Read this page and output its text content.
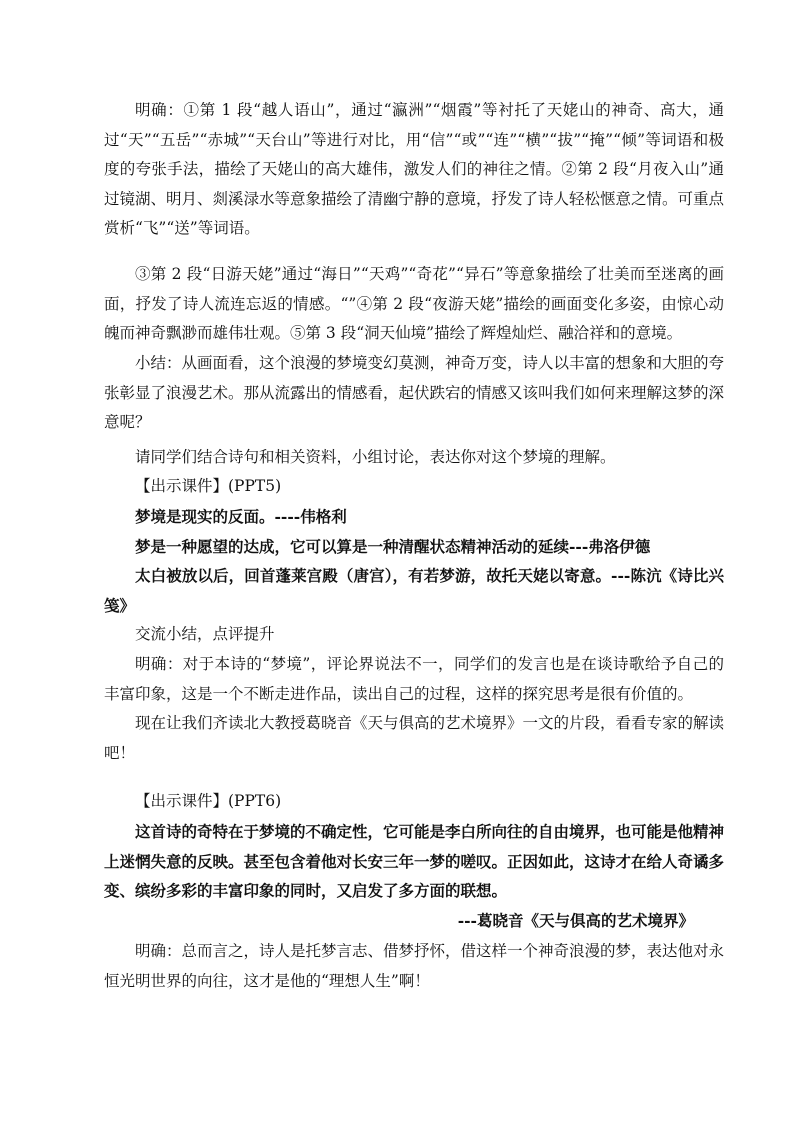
明确：①第 1 段“越人语山”，通过“瀛洲”“烟霞”等衬托了天姥山的神奇、高大，通过“天”“五岳”“赤城”“天台山”等进行对比，用“信”“或”“连”“横”“拔”“掩”“倾”等词语和极度的夸张手法，描绘了天姥山的高大雄伟，激发人们的神往之情。②第 2 段“月夜入山”通过镜湖、明月、剡溪渌水等意象描绘了清幽宁静的意境，抒发了诗人轻松惬意之情。可重点赏析“飞”“送”等词语。

③第 2 段“日游天姥”通过“海日”“天鸡”“奇花”“异石”等意象描绘了壮美而至迷离的画面，抒发了诗人流连忘返的情感。“”④第 2 段“夜游天姥”描绘的画面变化多姿，由惊心动魄而神奇飘渺而雄伟壮观。⑤第 3 段“洞天仙境”描绘了辉煌灿烂、融洽祥和的意境。

小结：从画面看，这个浪漫的梦境变幻莫测，神奇万变，诗人以丰富的想象和大胆的夸张彰显了浪漫艺术。那从流露出的情感看，起伏跌宕的情感又该叫我们如何来理解这梦的深意呢？

请同学们结合诗句和相关资料，小组讨论，表达你对这个梦境的理解。

【出示课件】(PPT5)

梦境是现实的反面。----伟格利

梦是一种愿望的达成，它可以算是一种清醒状态精神活动的延续---弗洛伊德

太白被放以后，回首蓬莱宫殿（唐宫），有若梦游，故托天姥以寄意。---陈沆《诗比兴笺》

交流小结，点评提升

明确：对于本诗的“梦境”，评论界说法不一，同学们的发言也是在谈诗歌给予自己的丰富印象，这是一个不断走进作品，读出自己的过程，这样的探究思考是很有价值的。

现在让我们齐读北大教授葛晓音《天与俱高的艺术境界》一文的片段，看看专家的解读吧！

【出示课件】(PPT6)

这首诗的奇特在于梦境的不确定性，它可能是李白所向往的自由境界，也可能是他精神上迷惘失意的反映。甚至包含着他对长安三年一梦的嗟叹。正因如此，这诗才在给人奇谲多变、缤纷多彩的丰富印象的同时，又启发了多方面的联想。

---葛晓音《天与俱高的艺术境界》

明确：总而言之，诗人是托梦言志、借梦抒怀，借这样一个神奇浪漫的梦，表达他对永恒光明世界的向往，这才是他的“理想人生”啊！
